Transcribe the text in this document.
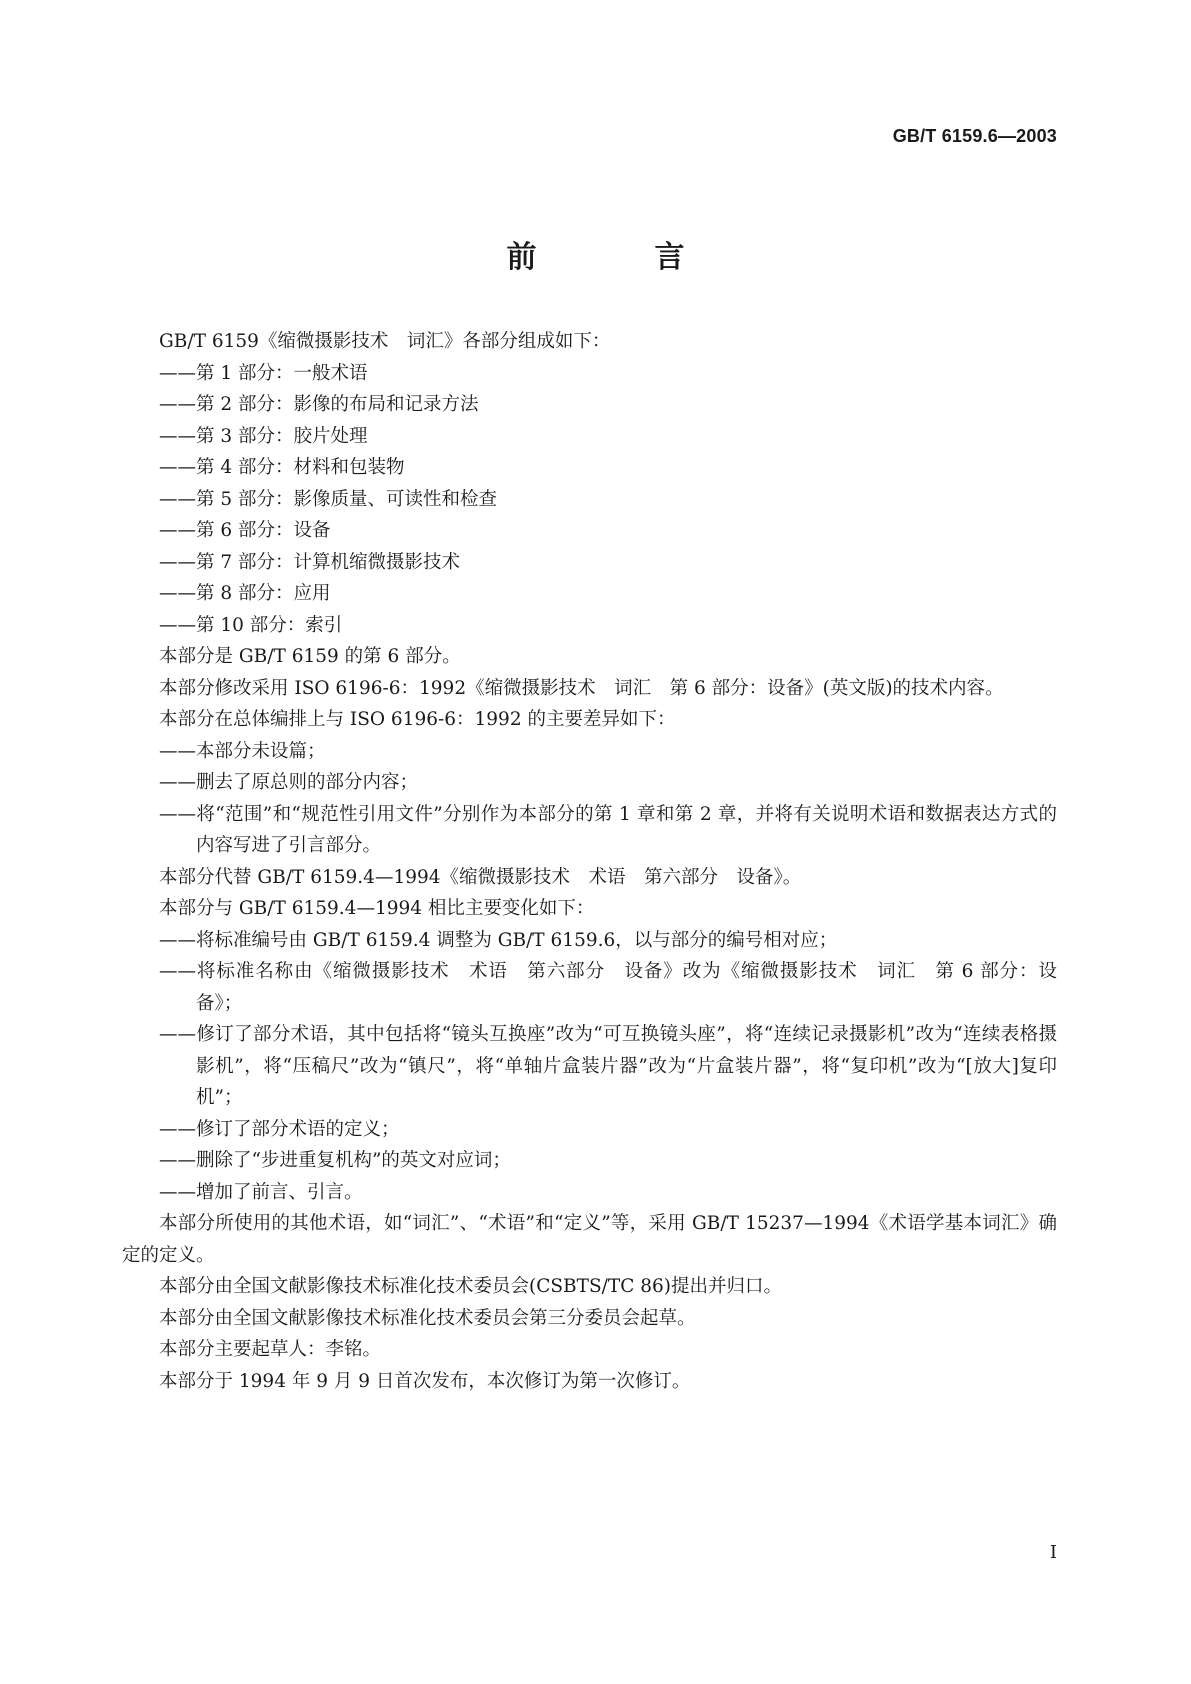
GB/T 6159.6—2003
前　言

GB/T 6159《缩微摄影技术　词汇》各部分组成如下：

——第 1 部分：一般术语

——第 2 部分：影像的布局和记录方法

——第 3 部分：胶片处理

——第 4 部分：材料和包装物

——第 5 部分：影像质量、可读性和检查

——第 6 部分：设备

——第 7 部分：计算机缩微摄影技术

——第 8 部分：应用

——第 10 部分：索引

本部分是 GB/T 6159 的第 6 部分。

本部分修改采用 ISO 6196-6：1992《缩微摄影技术　词汇　第 6 部分：设备》(英文版)的技术内容。

本部分在总体编排上与 ISO 6196-6：1992 的主要差异如下：

——本部分未设篇；

——删去了原总则的部分内容；

——将“范围”和“规范性引用文件”分别作为本部分的第 1 章和第 2 章，并将有关说明术语和数据表达方式的内容写进了引言部分。

本部分代替 GB/T 6159.4—1994《缩微摄影技术　术语　第六部分　设备》。

本部分与 GB/T 6159.4—1994 相比主要变化如下：

——将标准编号由 GB/T 6159.4 调整为 GB/T 6159.6，以与部分的编号相对应；

——将标准名称由《缩微摄影技术　术语　第六部分　设备》改为《缩微摄影技术　词汇　第 6 部分：设备》；

——修订了部分术语，其中包括将“镜头互换座”改为“可互换镜头座”，将“连续记录摄影机”改为“连续表格摄影机”，将“压稿尺”改为“镇尺”，将“单轴片盒装片器”改为“片盒装片器”，将“复印机”改为“[放大]复印机”；

——修订了部分术语的定义；

——删除了“步进重复机构”的英文对应词；

——增加了前言、引言。

本部分所使用的其他术语，如“词汇”、“术语”和“定义”等，采用 GB/T 15237—1994《术语学基本词汇》确定的定义。

本部分由全国文献影像技术标准化技术委员会(CSBTS/TC 86)提出并归口。

本部分由全国文献影像技术标准化技术委员会第三分委员会起草。

本部分主要起草人：李铭。

本部分于 1994 年 9 月 9 日首次发布，本次修订为第一次修订。

I
